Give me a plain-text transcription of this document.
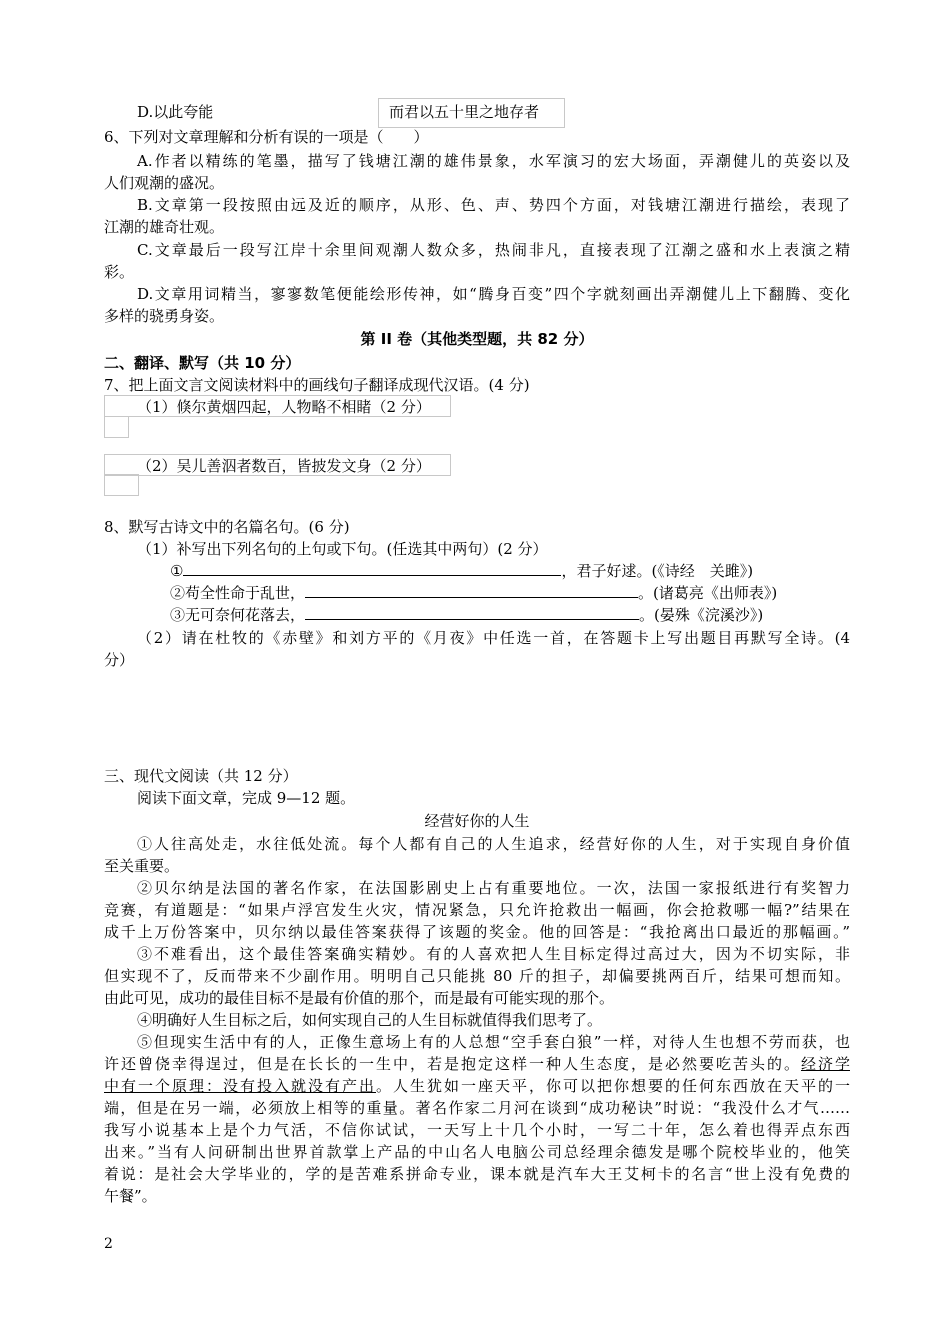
D.以此夸能	而君以五十里之地存者
6、下列对文章理解和分析有误的一项是（　　）
A.作者以精练的笔墨，描写了钱塘江潮的雄伟景象，水军演习的宏大场面，弄潮健儿的英姿以及
人们观潮的盛况。
B.文章第一段按照由远及近的顺序，从形、色、声、势四个方面，对钱塘江潮进行描绘，表现了
江潮的雄奇壮观。
C.文章最后一段写江岸十余里间观潮人数众多，热闹非凡，直接表现了江潮之盛和水上表演之精
彩。
D.文章用词精当，寥寥数笔便能绘形传神，如“腾身百变”四个字就刻画出弄潮健儿上下翻腾、变化
多样的骁勇身姿。
第 II 卷（其他类型题，共 82 分）
二、翻译、默写（共 10 分）
7、把上面文言文阅读材料中的画线句子翻译成现代汉语。(4 分)
（1）倏尔黄烟四起，人物略不相睹（2 分）
（2）吴儿善泅者数百，皆披发文身（2 分）
8、默写古诗文中的名篇名句。(6 分)
（1）补写出下列名句的上句或下句。(任选其中两句）(2 分）
①	，君子好逑。(《诗经　关雎》)
②苟全性命于乱世，	。(诸葛亮《出师表》)
③无可奈何花落去，	。(晏殊《浣溪沙》)
（2）请在杜牧的《赤壁》和刘方平的《月夜》中任选一首，在答题卡上写出题目再默写全诗。(4
分）
三、现代文阅读（共 12 分）
阅读下面文章，完成 9—12 题。
经营好你的人生
①人往高处走，水往低处流。每个人都有自己的人生追求，经营好你的人生，对于实现自身价值
至关重要。
②贝尔纳是法国的著名作家，在法国影剧史上占有重要地位。一次，法国一家报纸进行有奖智力
竞赛，有道题是：“如果卢浮宫发生火灾，情况紧急，只允许抢救出一幅画，你会抢救哪一幅?”结果在
成千上万份答案中，贝尔纳以最佳答案获得了该题的奖金。他的回答是：“我抢离出口最近的那幅画。”
③不难看出，这个最佳答案确实精妙。有的人喜欢把人生目标定得过高过大，因为不切实际，非
但实现不了，反而带来不少副作用。明明自己只能挑 80 斤的担子，却偏要挑两百斤，结果可想而知。
由此可见，成功的最佳目标不是最有价值的那个，而是最有可能实现的那个。
④明确好人生目标之后，如何实现自己的人生目标就值得我们思考了。
⑤但现实生活中有的人，正像生意场上有的人总想“空手套白狼”一样，对待人生也想不劳而获，也
许还曾侥幸得逞过，但是在长长的一生中，若是抱定这样一种人生态度，是必然要吃苦头的。经济学
中有一个原理：没有投入就没有产出。人生犹如一座天平，你可以把你想要的任何东西放在天平的一
端，但是在另一端，必须放上相等的重量。著名作家二月河在谈到“成功秘诀”时说：“我没什么才气……
我写小说基本上是个力气活，不信你试试，一天写上十几个小时，一写二十年，怎么着也得弄点东西
出来。”当有人问研制出世界首款掌上产品的中山名人电脑公司总经理余德发是哪个院校毕业的，他笑
着说：是社会大学毕业的，学的是苦难系拼命专业，课本就是汽车大王艾柯卡的名言“世上没有免费的
午餐”。
2
